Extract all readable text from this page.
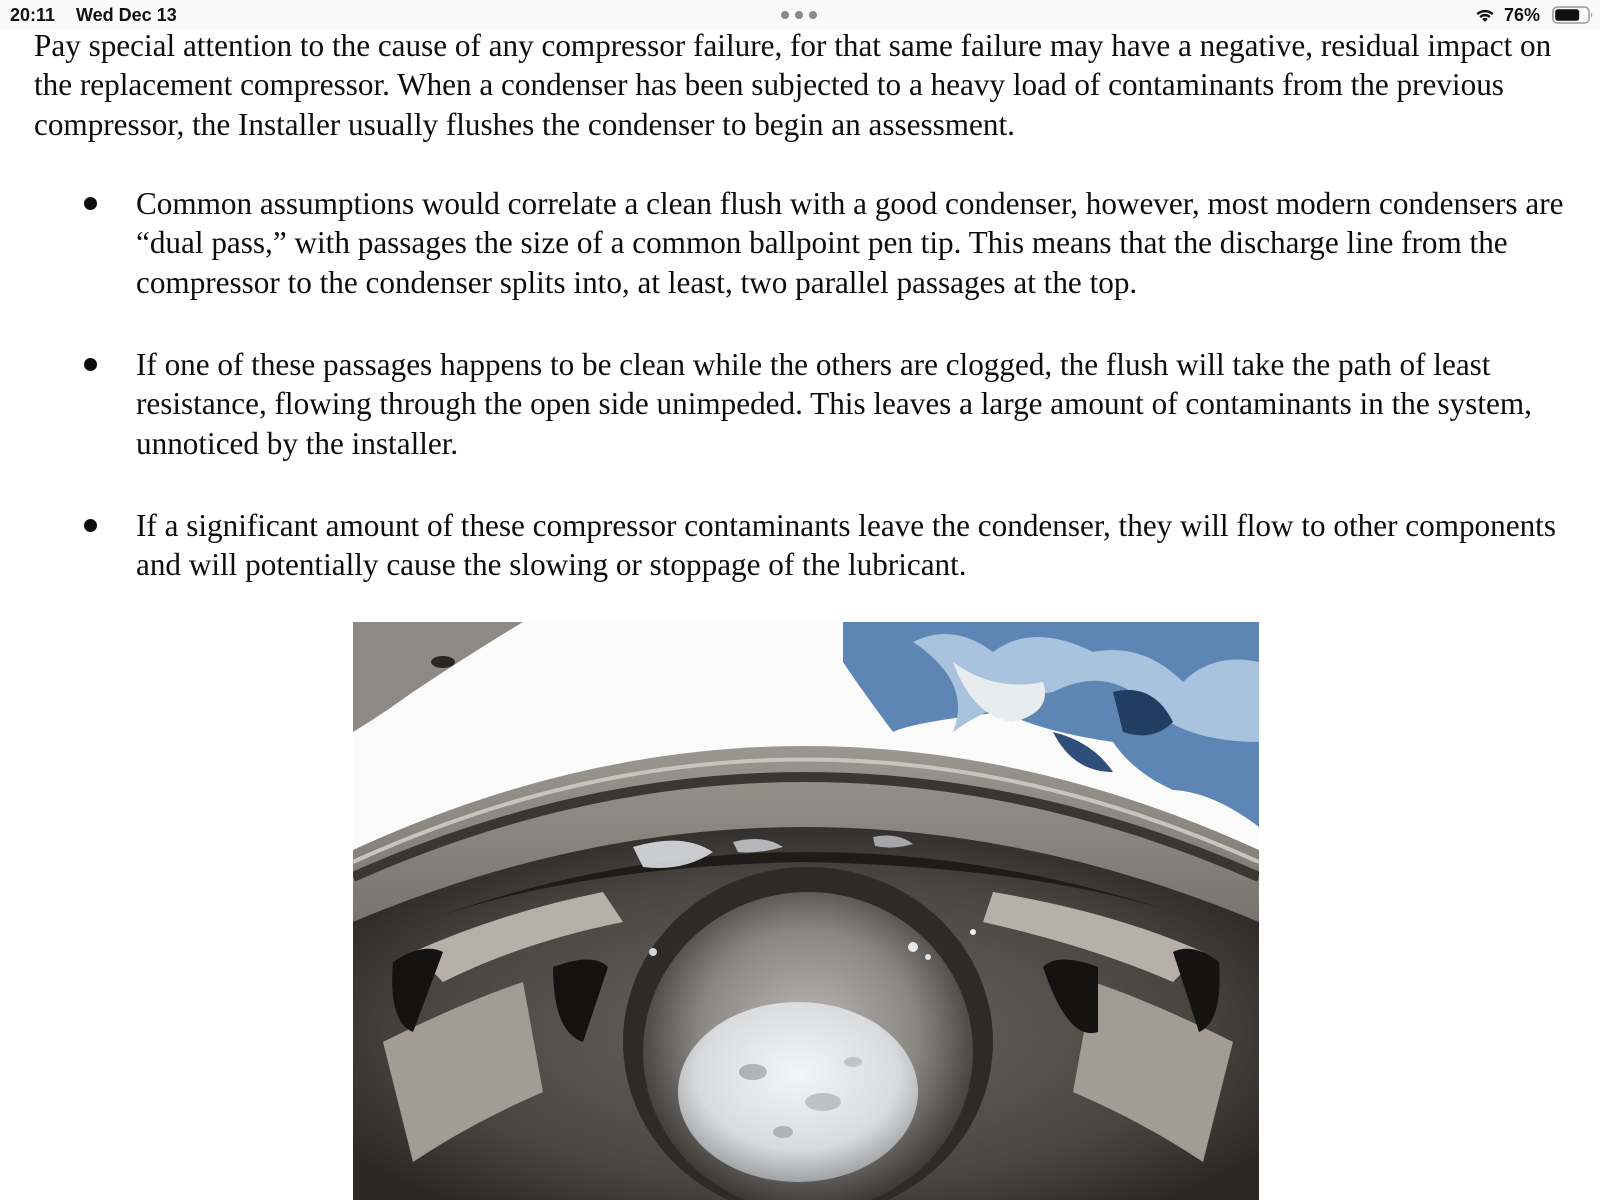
20:11 Wed Dec 13	76%

Pay special attention to the cause of any compressor failure, for that same failure may have a negative, residual impact on the replacement compressor. When a condenser has been subjected to a heavy load of contaminants from the previous compressor, the Installer usually flushes the condenser to begin an assessment.

Common assumptions would correlate a clean flush with a good condenser, however, most modern condensers are “dual pass,” with passages the size of a common ballpoint pen tip. This means that the discharge line from the compressor to the condenser splits into, at least, two parallel passages at the top.
If one of these passages happens to be clean while the others are clogged, the flush will take the path of least resistance, flowing through the open side unimpeded. This leaves a large amount of contaminants in the system, unnoticed by the installer.
If a significant amount of these compressor contaminants leave the condenser, they will flow to other components and will potentially cause the slowing or stoppage of the lubricant.
